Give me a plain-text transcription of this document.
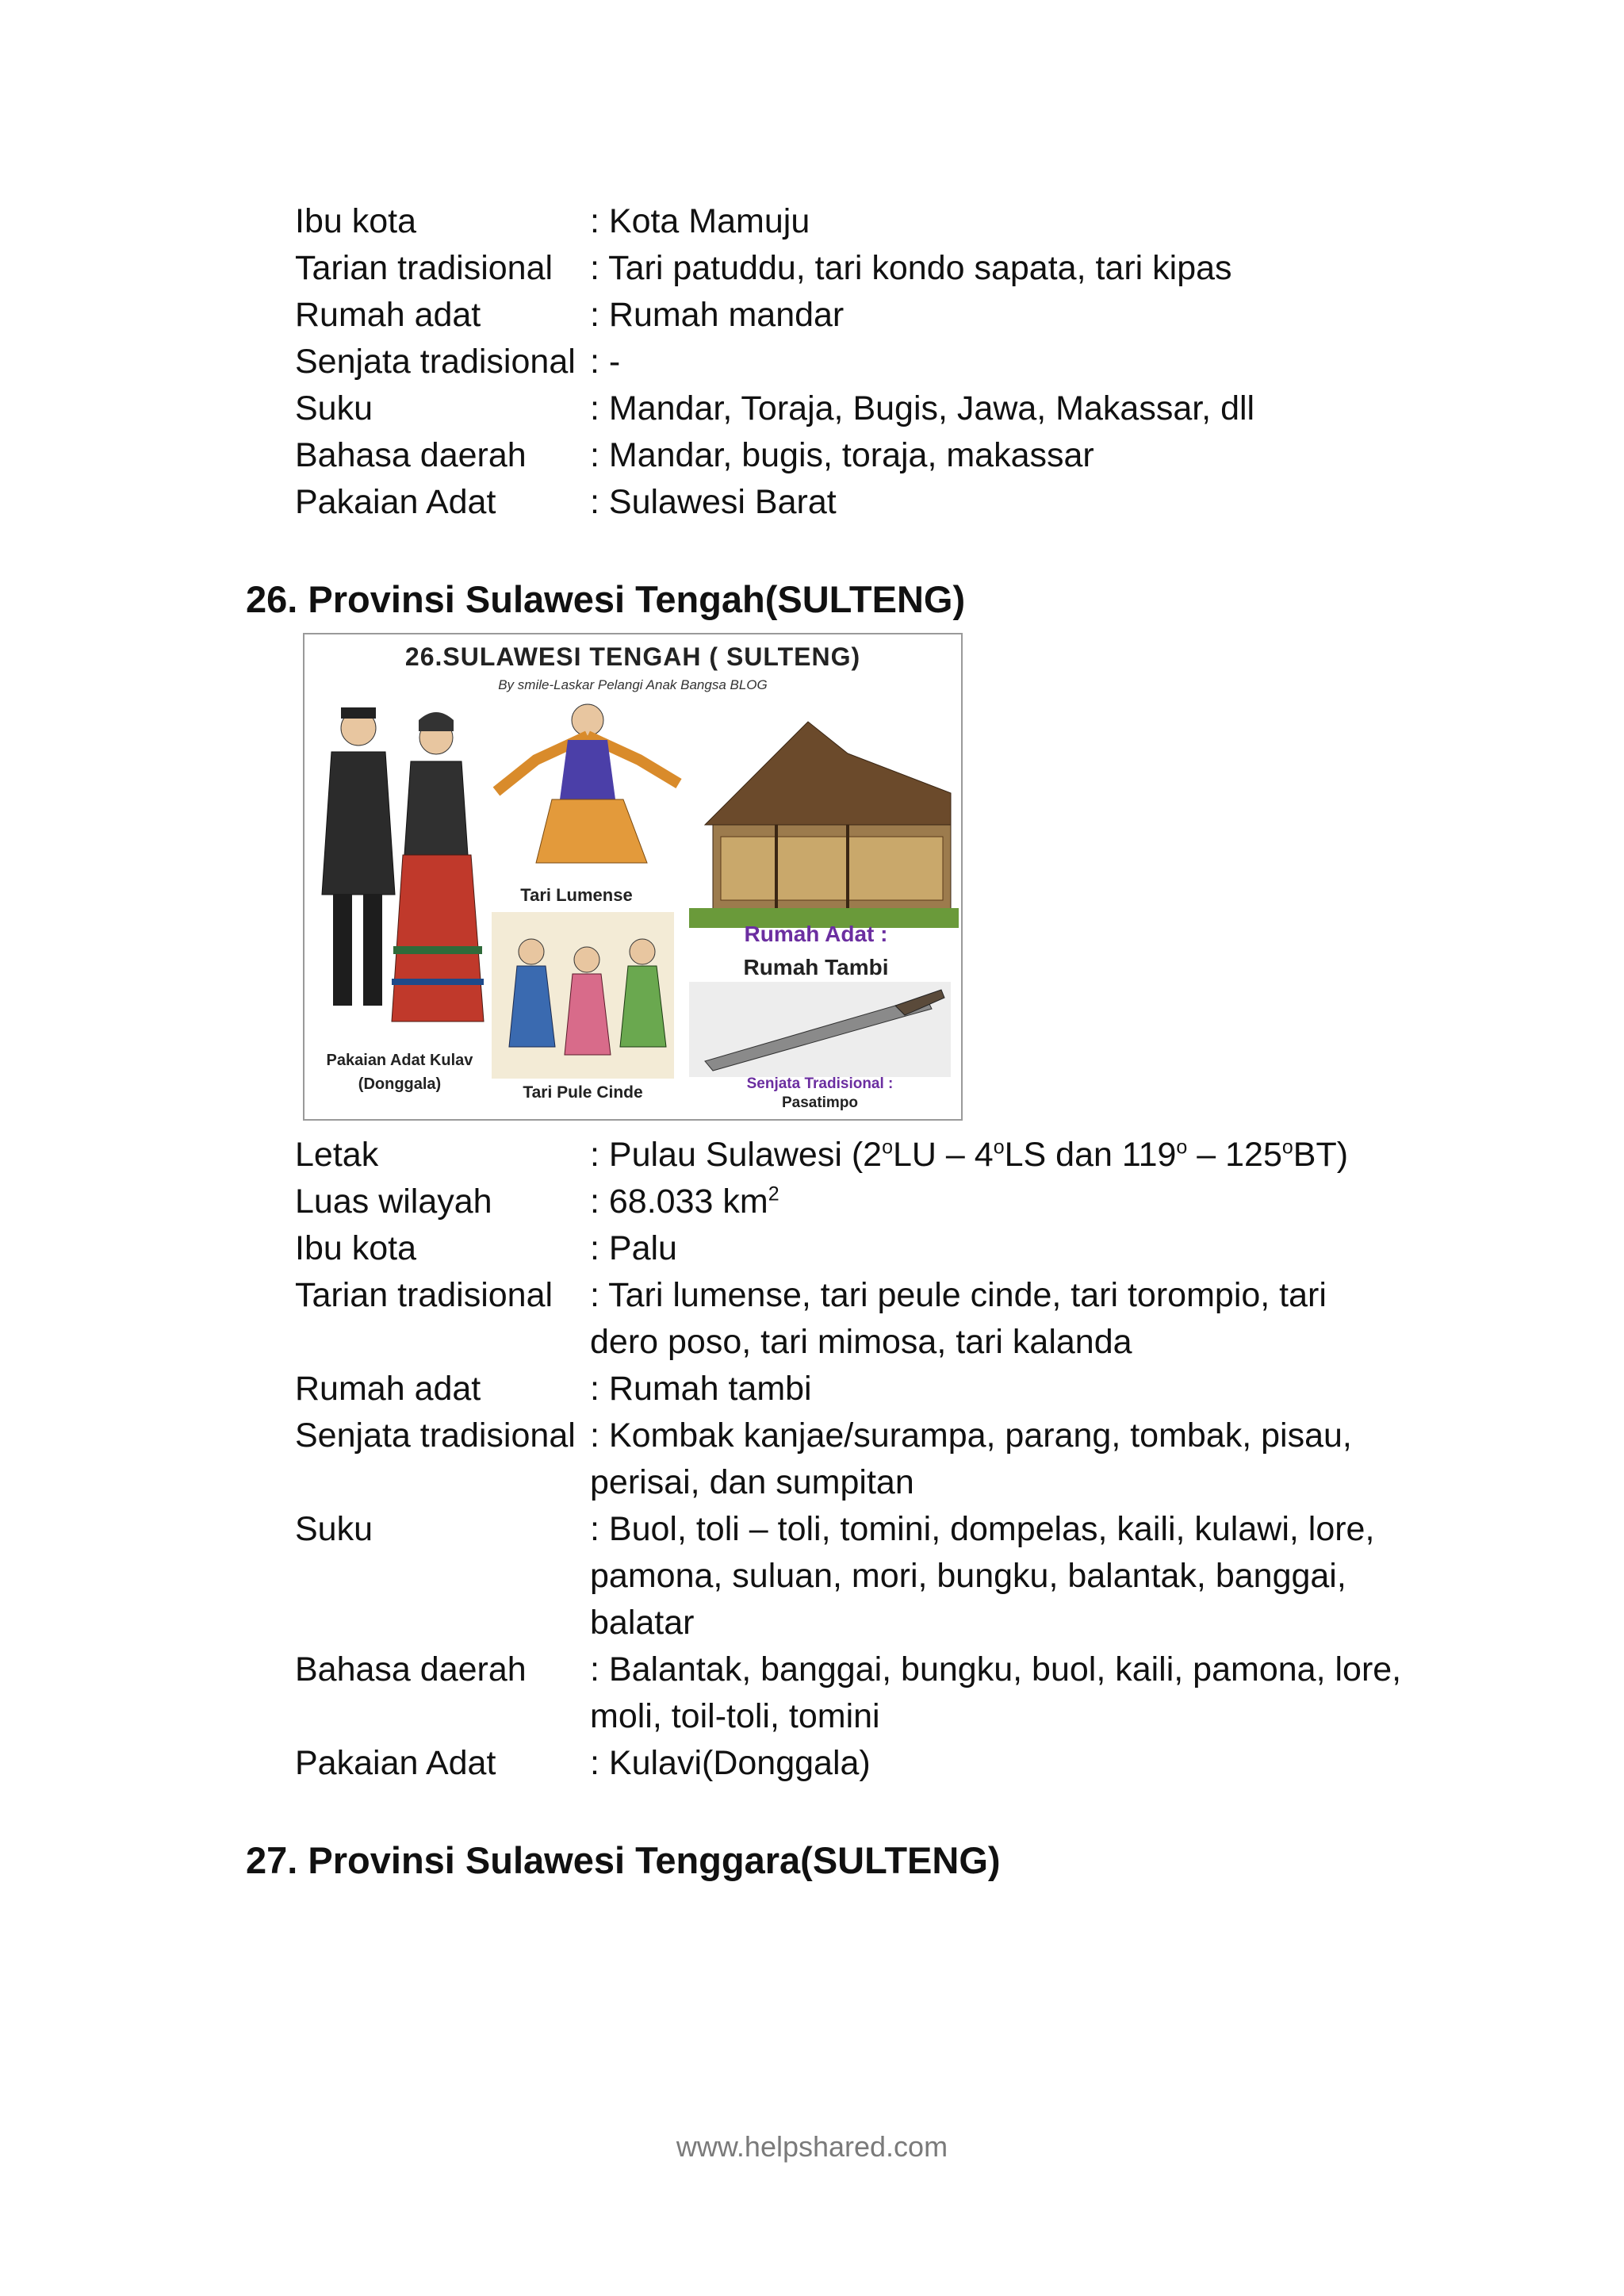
Ibu kota	: Kota Mamuju
Tarian tradisional	: Tari patuddu, tari kondo sapata, tari kipas
Rumah adat	: Rumah mandar
Senjata tradisional : -
Suku	: Mandar, Toraja, Bugis, Jawa, Makassar, dll
Bahasa daerah	: Mandar, bugis, toraja, makassar
Pakaian Adat	: Sulawesi Barat
26. Provinsi Sulawesi Tengah(SULTENG)
26.SULAWESI TENGAH ( SULTENG)
By smile-Laskar Pelangi Anak Bangsa BLOG
Tari Lumense
Rumah Adat :
Rumah Tambi
Pakaian Adat Kulav
(Donggala)	Tari Pule Cinde	Senjata Tradisional :
Pasatimpo
Letak	: Pulau Sulawesi (2$^o$LU – 4$^o$LS dan 119$^o$ – 125$^o$BT)
Luas wilayah	: 68.033 $km^2$
Ibu kota	: Palu
Tarian tradisional	: Tari lumense, tari peule cinde, tari torompio, tari
dero poso, tari mimosa, tari kalanda
Rumah adat	: Rumah tambi
Senjata tradisional : Kombak kanjae/surampa, parang, tombak, pisau,
perisai, dan sumpitan
Suku	: Buol, toli – toli, tomini, dompelas, kaili, kulawi, lore,
pamona, suluan, mori, bungku, balantak, banggai,
balatar
Bahasa daerah	: Balantak, banggai, bungku, buol, kaili, pamona, lore,
moli, toil-toli, tomini
Pakaian Adat	: Kulavi(Donggala)
27. Provinsi Sulawesi Tenggara(SULTENG)
www.helpshared.com
